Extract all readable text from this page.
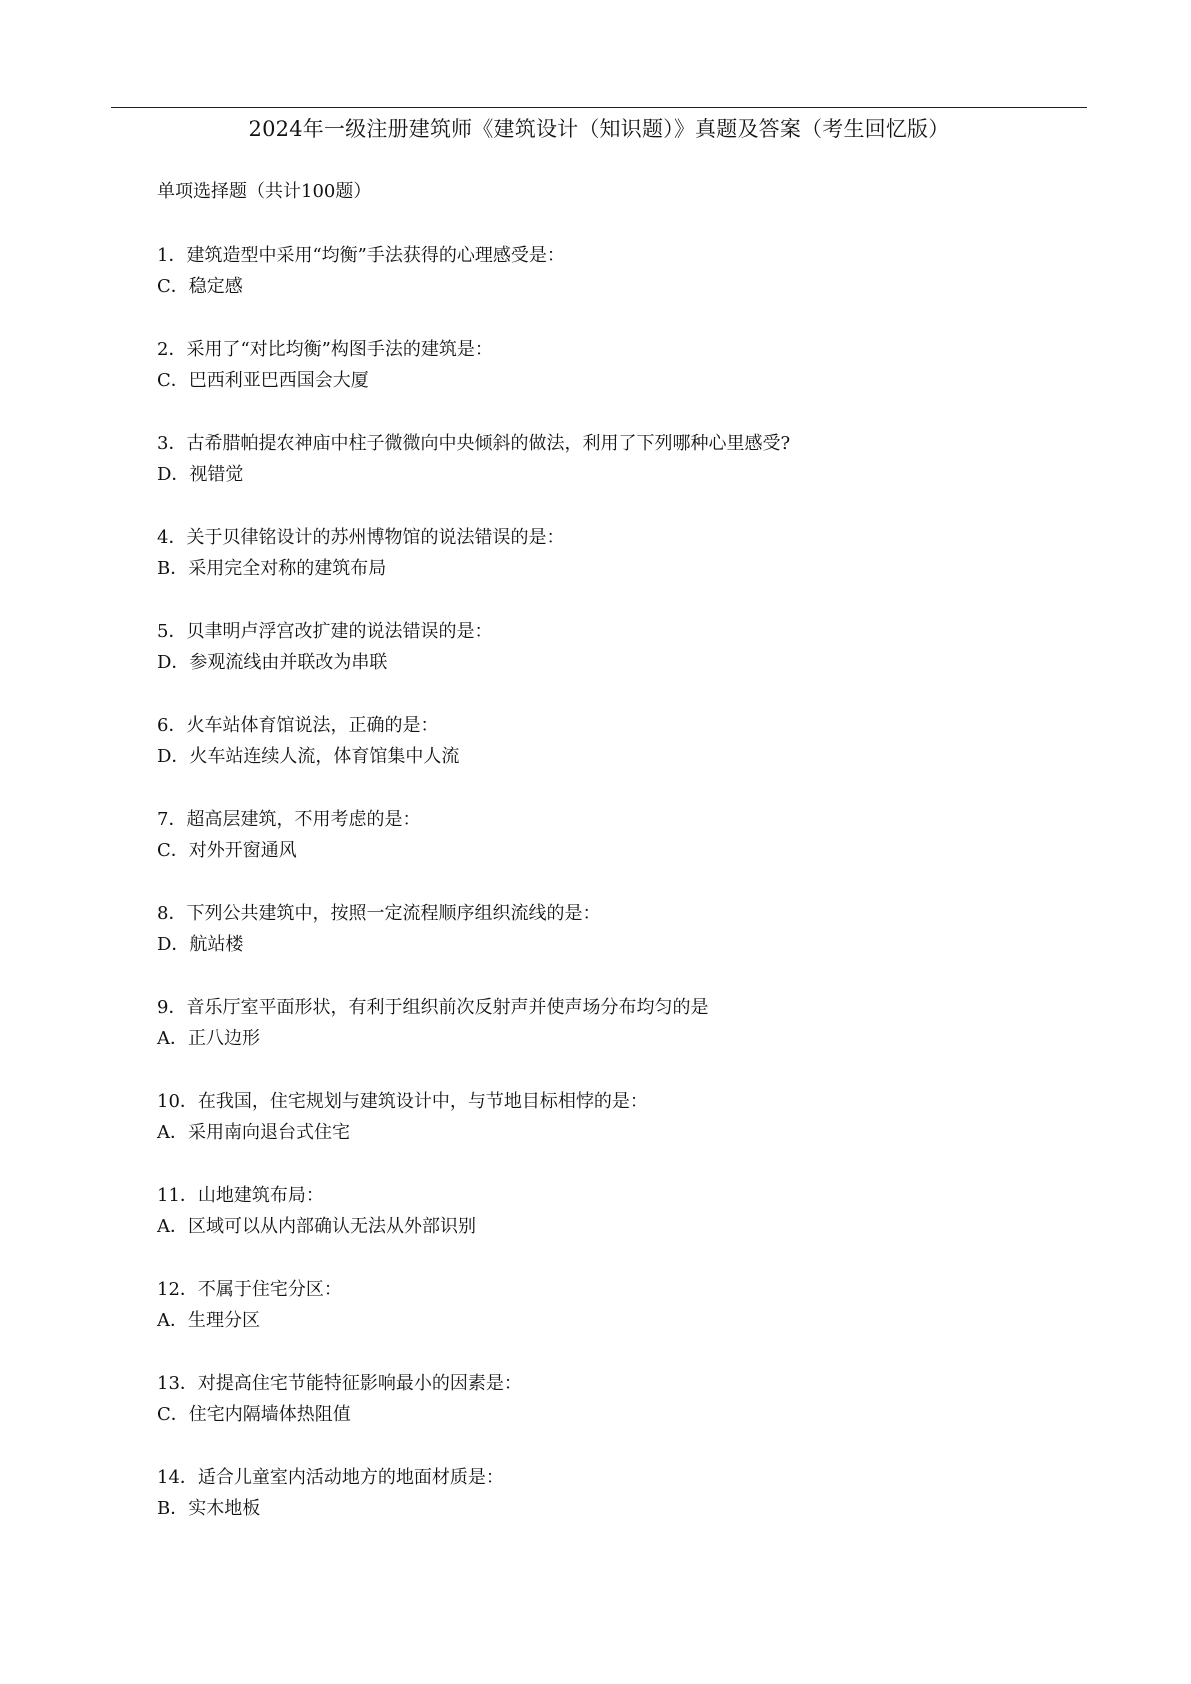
2024年一级注册建筑师《建筑设计（知识题）》真题及答案（考生回忆版）
单项选择题（共计100题）
1．建筑造型中采用“均衡”手法获得的心理感受是：
C．稳定感
2．采用了“对比均衡”构图手法的建筑是：
C．巴西利亚巴西国会大厦
3．古希腊帕提农神庙中柱子微微向中央倾斜的做法，利用了下列哪种心里感受?
D．视错觉
4．关于贝律铭设计的苏州博物馆的说法错误的是：
B．采用完全对称的建筑布局
5．贝聿明卢浮宫改扩建的说法错误的是：
D．参观流线由并联改为串联
6．火车站体育馆说法，正确的是：
D．火车站连续人流，体育馆集中人流
7．超高层建筑，不用考虑的是：
C．对外开窗通风
8．下列公共建筑中，按照一定流程顺序组织流线的是：
D．航站楼
9．音乐厅室平面形状，有利于组织前次反射声并使声场分布均匀的是
A．正八边形
10．在我国，住宅规划与建筑设计中，与节地目标相悖的是：
A．采用南向退台式住宅
11．山地建筑布局：
A．区域可以从内部确认无法从外部识别
12．不属于住宅分区：
A．生理分区
13．对提高住宅节能特征影响最小的因素是：
C．住宅内隔墙体热阻值
14．适合儿童室内活动地方的地面材质是：
B．实木地板
